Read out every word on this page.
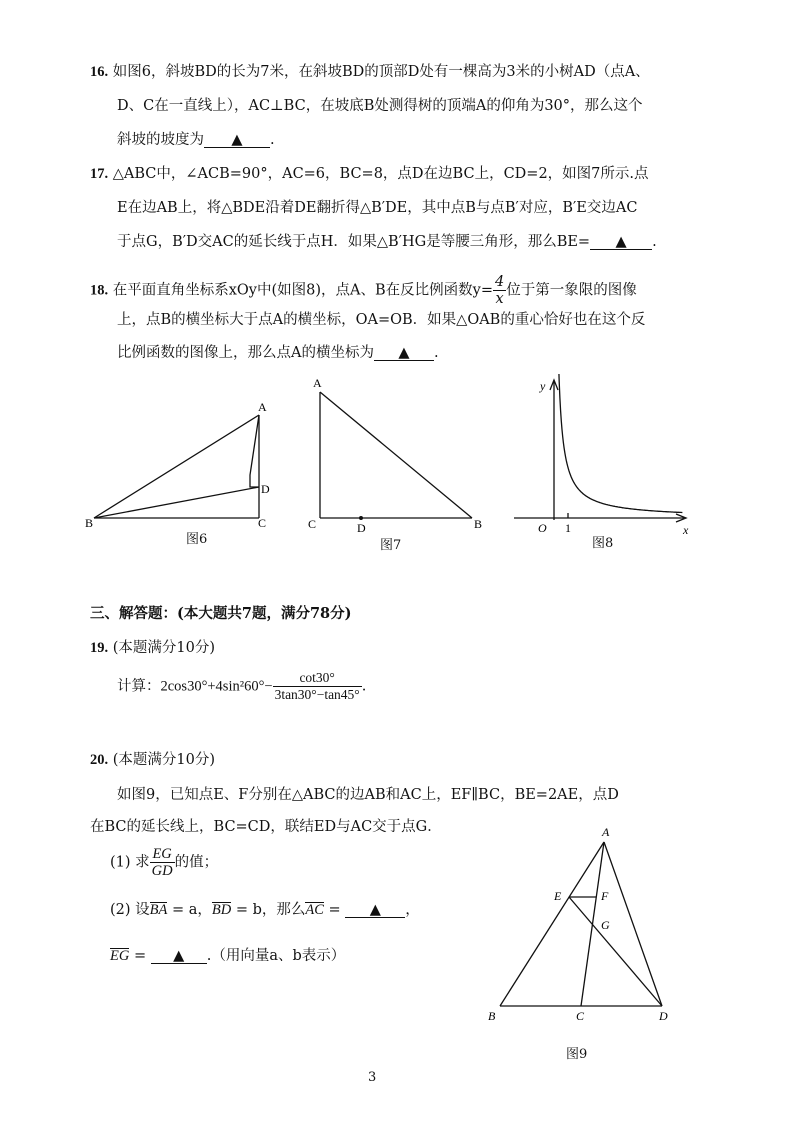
16. 如图6，斜坡BD的长为7米，在斜坡BD的顶部D处有一棵高为3米的小树AD（点A、
D、C在一直线上），AC⊥BC，在坡底B处测得树的顶端A的仰角为30°，那么这个
斜坡的坡度为 ▲ .
17. △ABC中，∠ACB=90°，AC=6，BC=8，点D在边BC上，CD=2，如图7所示.点
E在边AB上，将△BDE沿着DE翻折得△B′DE，其中点B与点B′对应，B′E交边AC
于点G，B′D交AC的延长线于点H．如果△B′HG是等腰三角形，那么BE= ▲ .
18. 在平面直角坐标系xOy中(如图8)，点A、B在反比例函数$y= \frac{4}{x}$ 位于第一象限的图像
上，点B的横坐标大于点A的横坐标，OA=OB．如果△OAB的重心恰好也在这个反
比例函数的图像上，那么点A的横坐标为 ▲ .
A
B	C
D
图6
A
C	D	B
图7
y
O 1	x
图8
三、解答题：(本大题共7题，满分78分)
19. (本题满分10分)
计算：$2\cos 30^\circ+4\sin^260^\circ- \frac{\cot 30^\circ}{3\tan 30^\circ-\tan 45^\circ}$ .
20. (本题满分10分)
如图9，已知点E、F分别在△ABC的边AB和AC上，EF∥BC，BE=2AE，点D
在BC的延长线上，BC=CD，联结ED与AC交于点G．
(1) 求 $\frac{EG}{GD}$ 的值；
(2) 设BA = a，BD = b，那么AC = ▲ ，
EG = ▲ .（用向量a、b表示）
A
E	F
G
B	C	D
图9
3
